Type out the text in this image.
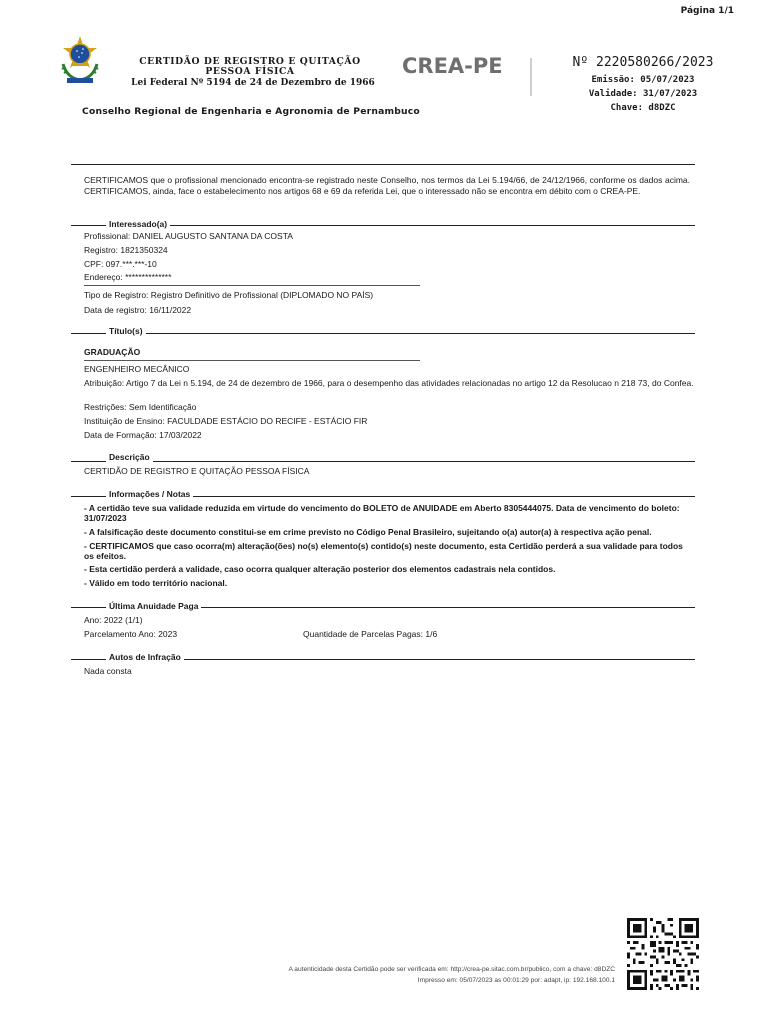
Página 1/1
CERTIDÃO DE REGISTRO E QUITAÇÃO
PESSOA FÍSICA
Lei Federal Nº 5194 de 24 de Dezembro de 1966
CREA-PE	Nº 2220580266/2023
Emissão: 05/07/2023
Validade: 31/07/2023
Chave: d8DZC
Conselho Regional de Engenharia e Agronomia de Pernambuco
CERTIFICAMOS que o profissional mencionado encontra-se registrado neste Conselho, nos termos da Lei 5.194/66, de 24/12/1966, conforme os dados acima. CERTIFICAMOS, ainda, face o estabelecimento nos artigos 68 e 69 da referida Lei, que o interessado não se encontra em débito com o CREA-PE.
Interessado(a)
Profissional: DANIEL AUGUSTO SANTANA DA COSTA
Registro: 1821350324
CPF: 097.***.***-10
Endereço: **************
Tipo de Registro: Registro Definitivo de Profissional (DIPLOMADO NO PAÍS)
Data de registro: 16/11/2022
Título(s)
GRADUAÇÃO
ENGENHEIRO MECÂNICO
Atribuição: Artigo 7 da Lei n 5.194, de 24 de dezembro de 1966, para o desempenho das atividades relacionadas no artigo 12 da Resolucao n 218 73, do Confea.
Restrições: Sem Identificação
Instituição de Ensino: FACULDADE ESTÁCIO DO RECIFE - ESTÁCIO FIR
Data de Formação: 17/03/2022
Descrição
CERTIDÃO DE REGISTRO E QUITAÇÃO PESSOA FÍSICA
Informações / Notas
- A certidão teve sua validade reduzida em virtude do vencimento do BOLETO de ANUIDADE em Aberto 8305444075. Data de vencimento do boleto: 31/07/2023
- A falsificação deste documento constitui-se em crime previsto no Código Penal Brasileiro, sujeitando o(a) autor(a) à respectiva ação penal.
- CERTIFICAMOS que caso ocorra(m) alteração(ões) no(s) elemento(s) contido(s) neste documento, esta Certidão perderá a sua validade para todos os efeitos.
- Esta certidão perderá a validade, caso ocorra qualquer alteração posterior dos elementos cadastrais nela contidos.
- Válido em todo território nacional.
Última Anuidade Paga
Ano: 2022 (1/1)
Parcelamento Ano: 2023	Quantidade de Parcelas Pagas: 1/6
Autos de Infração
Nada consta
A autenticidade desta Certidão pode ser verificada em: http://crea-pe.sitac.com.br/publico, com a chave: d8DZC
Impresso em: 05/07/2023 as 00:01:29 por: adapt, ip: 192.168.100.1
